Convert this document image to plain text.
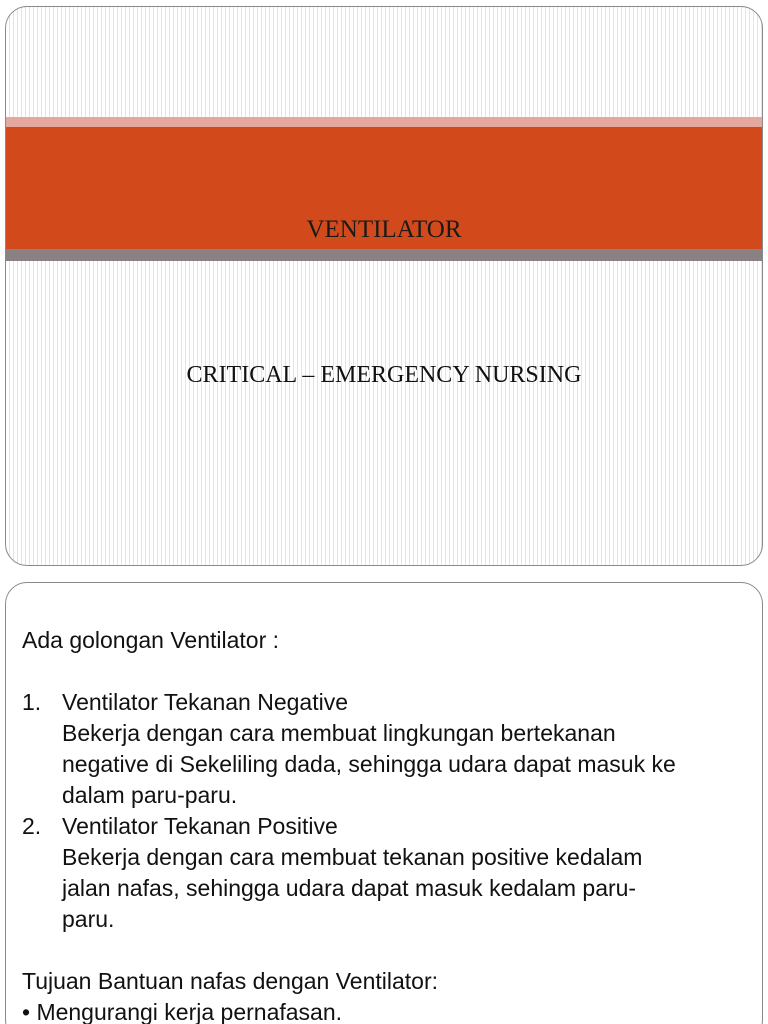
VENTILATOR
CRITICAL – EMERGENCY NURSING

Ada golongan Ventilator :

1. Ventilator Tekanan Negative

Bekerja dengan cara membuat lingkungan bertekanan

negative di Sekeliling dada, sehingga udara dapat masuk ke

dalam paru-paru.

2. Ventilator Tekanan Positive

Bekerja dengan cara membuat tekanan positive kedalam

jalan nafas, sehingga udara dapat masuk kedalam paru-

paru.

Tujuan Bantuan nafas dengan Ventilator:

• Mengurangi kerja pernafasan.
